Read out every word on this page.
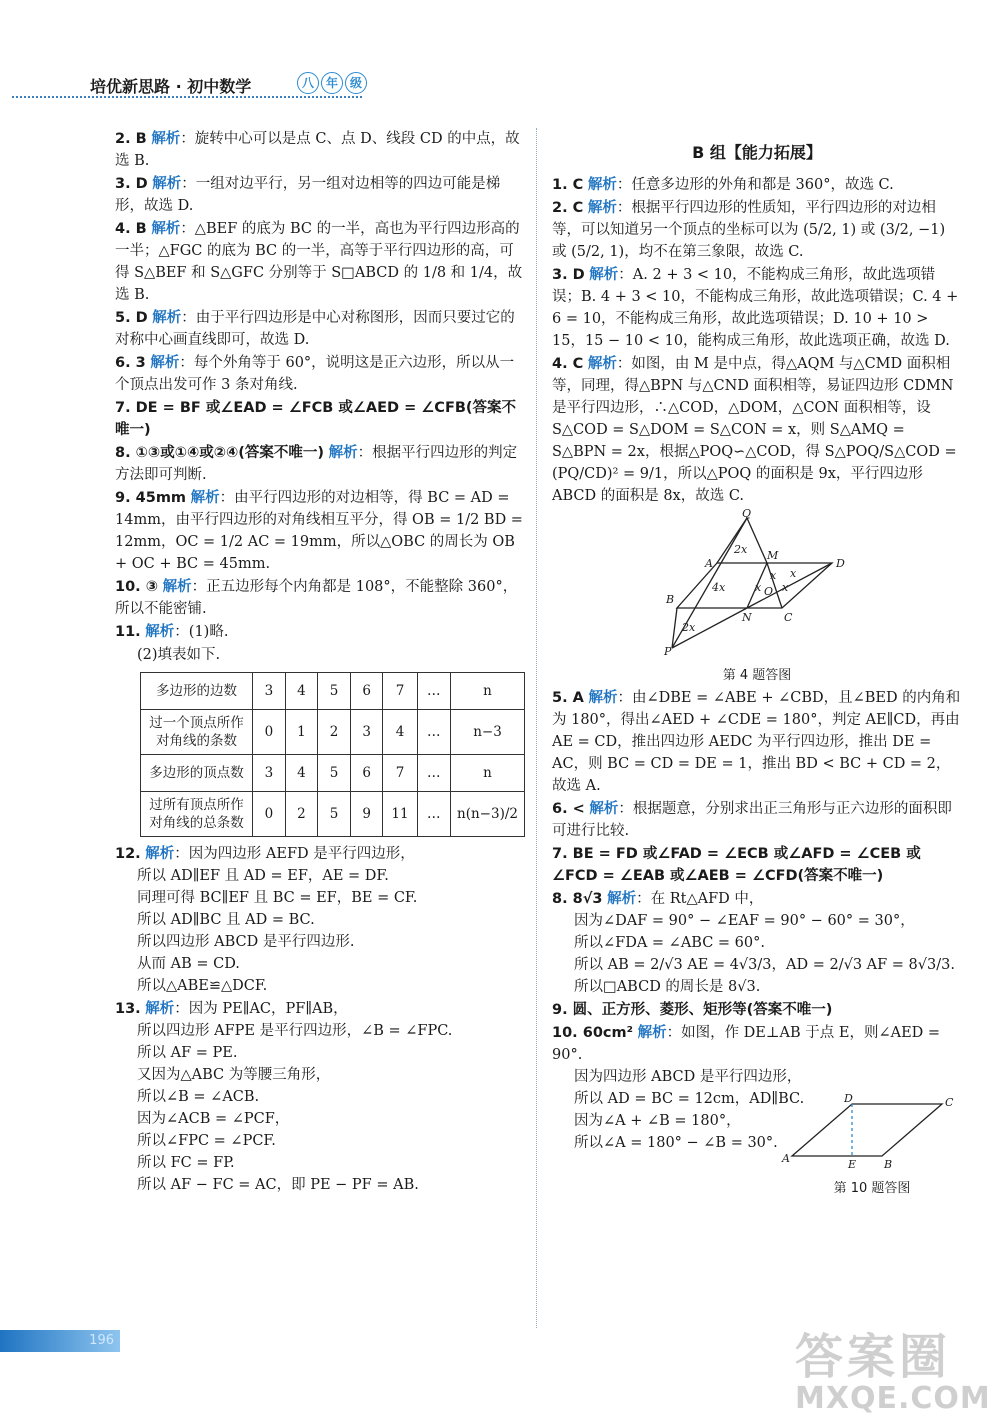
培优新思路 · 初中数学	八 年 级
2. B 解析：旋转中心可以是点 C、点 D、线段 CD 的中点，故选 B.
3. D 解析：一组对边平行，另一组对边相等的四边可能是梯形，故选 D.
4. B 解析：△BEF 的底为 BC 的一半，高也为平行四边形高的一半；△FGC 的底为 BC 的一半，高等于平行四边形的高，可得 S△BEF 和 S△GFC 分别等于 S□ABCD 的 1/8 和 1/4，故选 B.
5. D 解析：由于平行四边形是中心对称图形，因而只要过它的对称中心画直线即可，故选 D.
6. 3 解析：每个外角等于 60°，说明这是正六边形，所以从一个顶点出发可作 3 条对角线.
7. DE = BF 或∠EAD = ∠FCB 或∠AED = ∠CFB(答案不唯一)
8. ①③或①④或②④(答案不唯一) 解析：根据平行四边形的判定方法即可判断.
9. 45mm 解析：由平行四边形的对边相等，得 BC = AD = 14mm，由平行四边形的对角线相互平分，得 OB = 1/2 BD = 12mm，OC = 1/2 AC = 19mm，所以△OBC 的周长为 OB + OC + BC = 45mm.
10. ③ 解析：正五边形每个内角都是 108°，不能整除 360°，所以不能密铺.
11. 解析：(1)略.
(2)填表如下.
多边形的边数	3	4	5	6	7	…	n
过一个顶点所作对角线的条数	0	1	2	3	4	…	n−3
多边形的顶点数	3	4	5	6	7	…	n
过所有顶点所作对角线的总条数	0	2	5	9	11	…	n(n−3)/2
12. 解析：因为四边形 AEFD 是平行四边形，
所以 AD∥EF 且 AD = EF，AE = DF.
同理可得 BC∥EF 且 BC = EF，BE = CF.
所以 AD∥BC 且 AD = BC.
所以四边形 ABCD 是平行四边形.
从而 AB = CD.
所以△ABE≌△DCF.
13. 解析：因为 PE∥AC，PF∥AB，
所以四边形 AFPE 是平行四边形，∠B = ∠FPC.
所以 AF = PE.
又因为△ABC 为等腰三角形，
所以∠B = ∠ACB.
因为∠ACB = ∠PCF，
所以∠FPC = ∠PCF.
所以 FC = FP.
所以 AF − FC = AC，即 PE − PF = AB.
B 组【能力拓展】
1. C 解析：任意多边形的外角和都是 360°，故选 C.
2. C 解析：根据平行四边形的性质知，平行四边形的对边相等，可以知道另一个顶点的坐标可以为 (5/2, 1) 或 (3/2, −1) 或 (5/2, 1)，均不在第三象限，故选 C.
3. D 解析：A. 2 + 3 < 10，不能构成三角形，故此选项错误；B. 4 + 3 < 10，不能构成三角形，故此选项错误；C. 4 + 6 = 10，不能构成三角形，故此选项错误；D. 10 + 10 > 15，15 − 10 < 10，能构成三角形，故此选项正确，故选 D.
4. C 解析：如图，由 M 是中点，得△AQM 与△CMD 面积相等，同理，得△BPN 与△CND 面积相等，易证四边形 CDMN 是平行四边形，∴△COD，△DOM，△CON 面积相等，设 S△COD = S△DOM = S△CON = x，则 S△AMQ = S△BPN = 2x，根据△POQ∽△COD，得 S△POQ/S△COD = (PQ/CD)² = 9/1，所以△POQ 的面积是 9x，平行四边形 ABCD 的面积是 8x，故选 C.
Q
A
M
D
B
N	C
O
P
2x
4x
2x
x
x x
x
第 4 题答图
5. A 解析：由∠DBE = ∠ABE + ∠CBD，且∠BED 的内角和为 180°，得出∠AED + ∠CDE = 180°，判定 AE∥CD，再由 AE = CD，推出四边形 AEDC 为平行四边形，推出 DE = AC，则 BC = CD = DE = 1，推出 BD < BC + CD = 2，故选 A.
6. < 解析：根据题意，分别求出正三角形与正六边形的面积即可进行比较.
7. BE = FD 或∠FAD = ∠ECB 或∠AFD = ∠CEB 或∠FCD = ∠EAB 或∠AEB = ∠CFD(答案不唯一)
8. 8√3 解析：在 Rt△AFD 中，
因为∠DAF = 90° − ∠EAF = 90° − 60° = 30°，
所以∠FDA = ∠ABC = 60°.
所以 AB = 2/√3 AE = 4√3/3，AD = 2/√3 AF = 8√3/3.
所以□ABCD 的周长是 8√3.
9. 圆、正方形、菱形、矩形等(答案不唯一)
10. 60cm² 解析：如图，作 DE⊥AB 于点 E，则∠AED = 90°.
因为四边形 ABCD 是平行四边形，
所以 AD = BC = 12cm，AD∥BC.
因为∠A + ∠B = 180°，
所以∠A = 180° − ∠B = 30°.
A	B
C
D
E
第 10 题答图
196	答案圈
MXQE.COM
